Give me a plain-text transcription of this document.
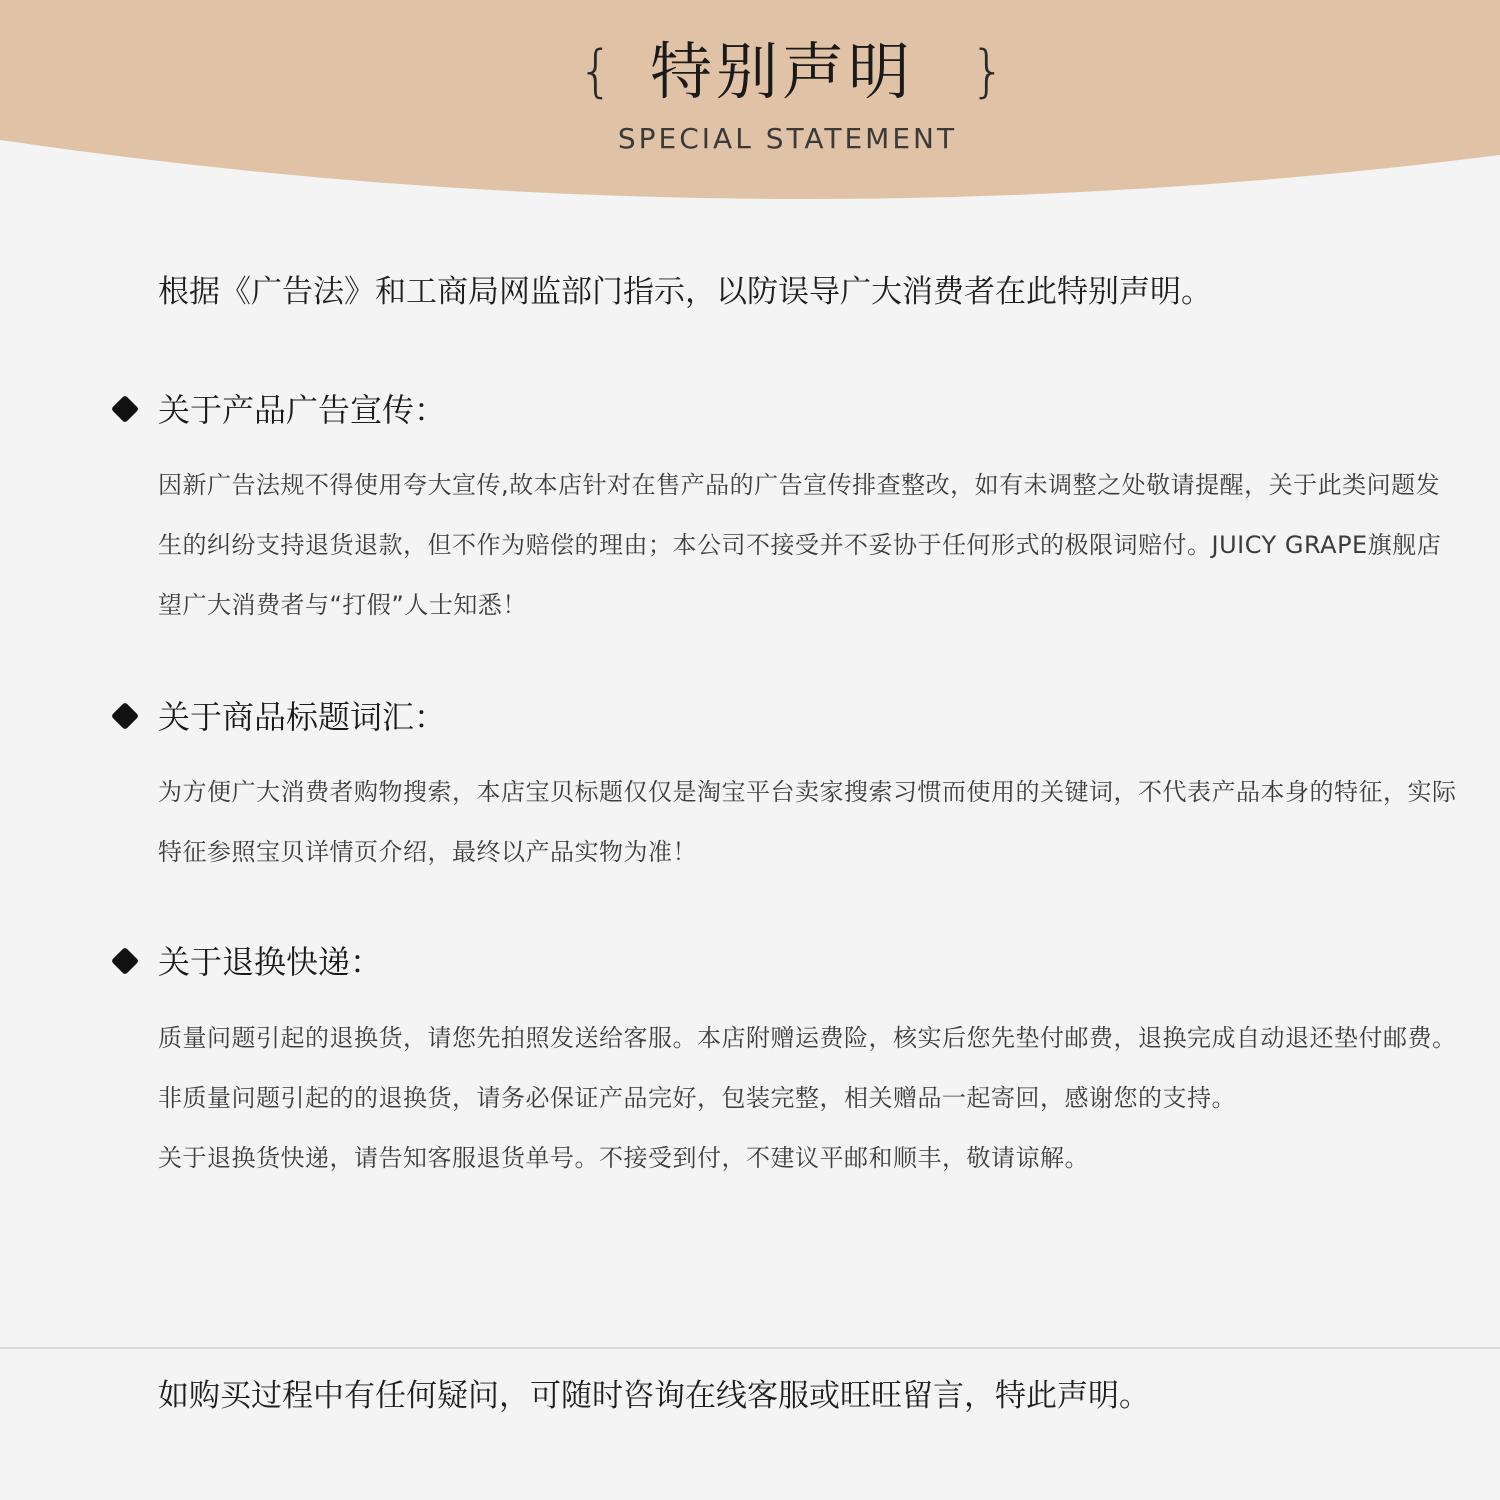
{ 特别声明 }
SPECIAL STATEMENT
根据《广告法》和工商局网监部门指示，以防误导广大消费者在此特别声明。
关于产品广告宣传：

因新广告法规不得使用夸大宣传,故本店针对在售产品的广告宣传排查整改，如有未调整之处敬请提醒，关于此类问题发生的纠纷支持退货退款，但不作为赔偿的理由；本公司不接受并不妥协于任何形式的极限词赔付。JUICY GRAPE旗舰店望广大消费者与“打假”人士知悉！

关于商品标题词汇：

为方便广大消费者购物搜索，本店宝贝标题仅仅是淘宝平台卖家搜索习惯而使用的关键词，不代表产品本身的特征，实际特征参照宝贝详情页介绍，最终以产品实物为准！

关于退换快递：

质量问题引起的退换货，请您先拍照发送给客服。本店附赠运费险，核实后您先垫付邮费，退换完成自动退还垫付邮费。

非质量问题引起的的退换货，请务必保证产品完好，包装完整，相关赠品一起寄回，感谢您的支持。

关于退换货快递，请告知客服退货单号。不接受到付，不建议平邮和顺丰，敬请谅解。

如购买过程中有任何疑问，可随时咨询在线客服或旺旺留言，特此声明。
